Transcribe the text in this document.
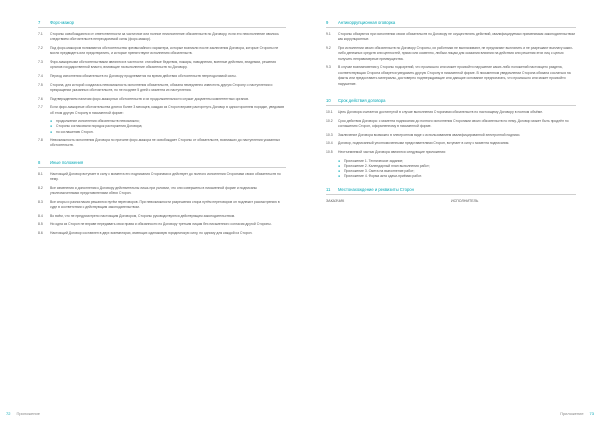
7	Форс-мажор
7.1	Стороны освобождаются от ответственности за частичное или полное неисполнение обязательств по Договору, если это неисполнение явилось следствием обстоятельств непреодолимой силы (форс-мажор).
7.2	Под форс-мажором понимаются обстоятельства чрезвычайного характера, которые возникли после заключения Договора, которые Стороны не могли предвидеть или предотвратить, и которые препятствуют исполнению обязательств.
7.3	Форс-мажорными обстоятельствами являются в частности: стихийные бедствия, пожары, наводнения, военные действия, эпидемии, решения органов государственной власти, влияющие на выполнение обязательств по Договору.
7.4	Период исполнения обязательств по Договору продлевается на время действия обстоятельств непреодолимой силы.
7.5	Сторона, для которой создалась невозможность исполнения обязательств, обязана немедленно известить другую Сторону о наступлении и прекращении указанных обстоятельств, но не позднее 5 дней с момента их наступления.
7.6	Подтверждением наличия форс-мажорных обстоятельств и их продолжительности служат документы компетентных органов.
7.7	Если форс-мажорные обстоятельства длятся более 3 месяцев, каждая из Сторон вправе расторгнуть Договор в одностороннем порядке, уведомив об этом другую Сторону в письменной форме:
●	продолжение исполнения обязательств невозможно;
●	Стороны согласовали порядок расторжения Договора;
●	по соглашению Сторон.
7.8	Невозможность исполнения Договора по причине форс-мажора не освобождает Стороны от обязательств, возникших до наступления указанных обстоятельств.
8	Иные положения
8.1	Настоящий Договор вступает в силу с момента его подписания Сторонами и действует до полного исполнения Сторонами своих обязательств по нему.
8.2	Все изменения и дополнения к Договору действительны лишь при условии, что они совершены в письменной форме и подписаны уполномоченными представителями обеих Сторон.
8.3	Все споры и разногласия решаются путём переговоров. При невозможности разрешения спора путём переговоров он подлежит рассмотрению в суде в соответствии с действующим законодательством.
8.4	Во всём, что не предусмотрено настоящим Договором, Стороны руководствуются действующим законодательством.
8.5	Ни одна из Сторон не вправе передавать свои права и обязанности по Договору третьим лицам без письменного согласия другой Стороны.
8.6	Настоящий Договор составлен в двух экземплярах, имеющих одинаковую юридическую силу, по одному для каждой из Сторон.
72 Приложение
9	Антикоррупционная оговорка
9.1	Стороны обязуются при исполнении своих обязательств по Договору не осуществлять действий, квалифицируемых применимым законодательством как коррупционные.
9.2	При исполнении своих обязательств по Договору Стороны, их работники не выплачивают, не предлагают выплатить и не разрешают выплату каких-либо денежных средств или ценностей, прямо или косвенно, любым лицам для оказания влияния на действия или решения этих лиц с целью получить неправомерные преимущества.
9.3	В случае возникновения у Стороны подозрений, что произошло или может произойти нарушение каких-либо положений настоящего раздела, соответствующая Сторона обязуется уведомить другую Сторону в письменной форме. В письменном уведомлении Сторона обязана сослаться на факты или предоставить материалы, достоверно подтверждающие или дающие основание предполагать, что произошло или может произойти нарушение.
10	Срок действия договора
10.1	Цель Договора считается достигнутой в случае выполнения Сторонами обязательств по настоящему Договору в полном объёме.
10.2	Срок действия Договора: с момента подписания до полного исполнения Сторонами своих обязательств по нему. Договор может быть продлён по соглашению Сторон, оформленному в письменной форме.
10.3	Заключение Договора возможно в электронном виде с использованием квалифицированной электронной подписи.
10.4	Договор, подписанный уполномоченными представителями Сторон, вступает в силу с момента подписания.
10.5	Неотъемлемой частью Договора являются следующие приложения:
●	Приложение 1. Техническое задание;
●	Приложение 2. Календарный план выполнения работ;
●	Приложение 3. Смета на выполнение работ;
●	Приложение 4. Форма акта сдачи-приёмки работ.
11	Местонахождение и реквизиты Сторон
ЗАКАЗЧИК	ИСПОЛНИТЕЛЬ
Приложение 73
